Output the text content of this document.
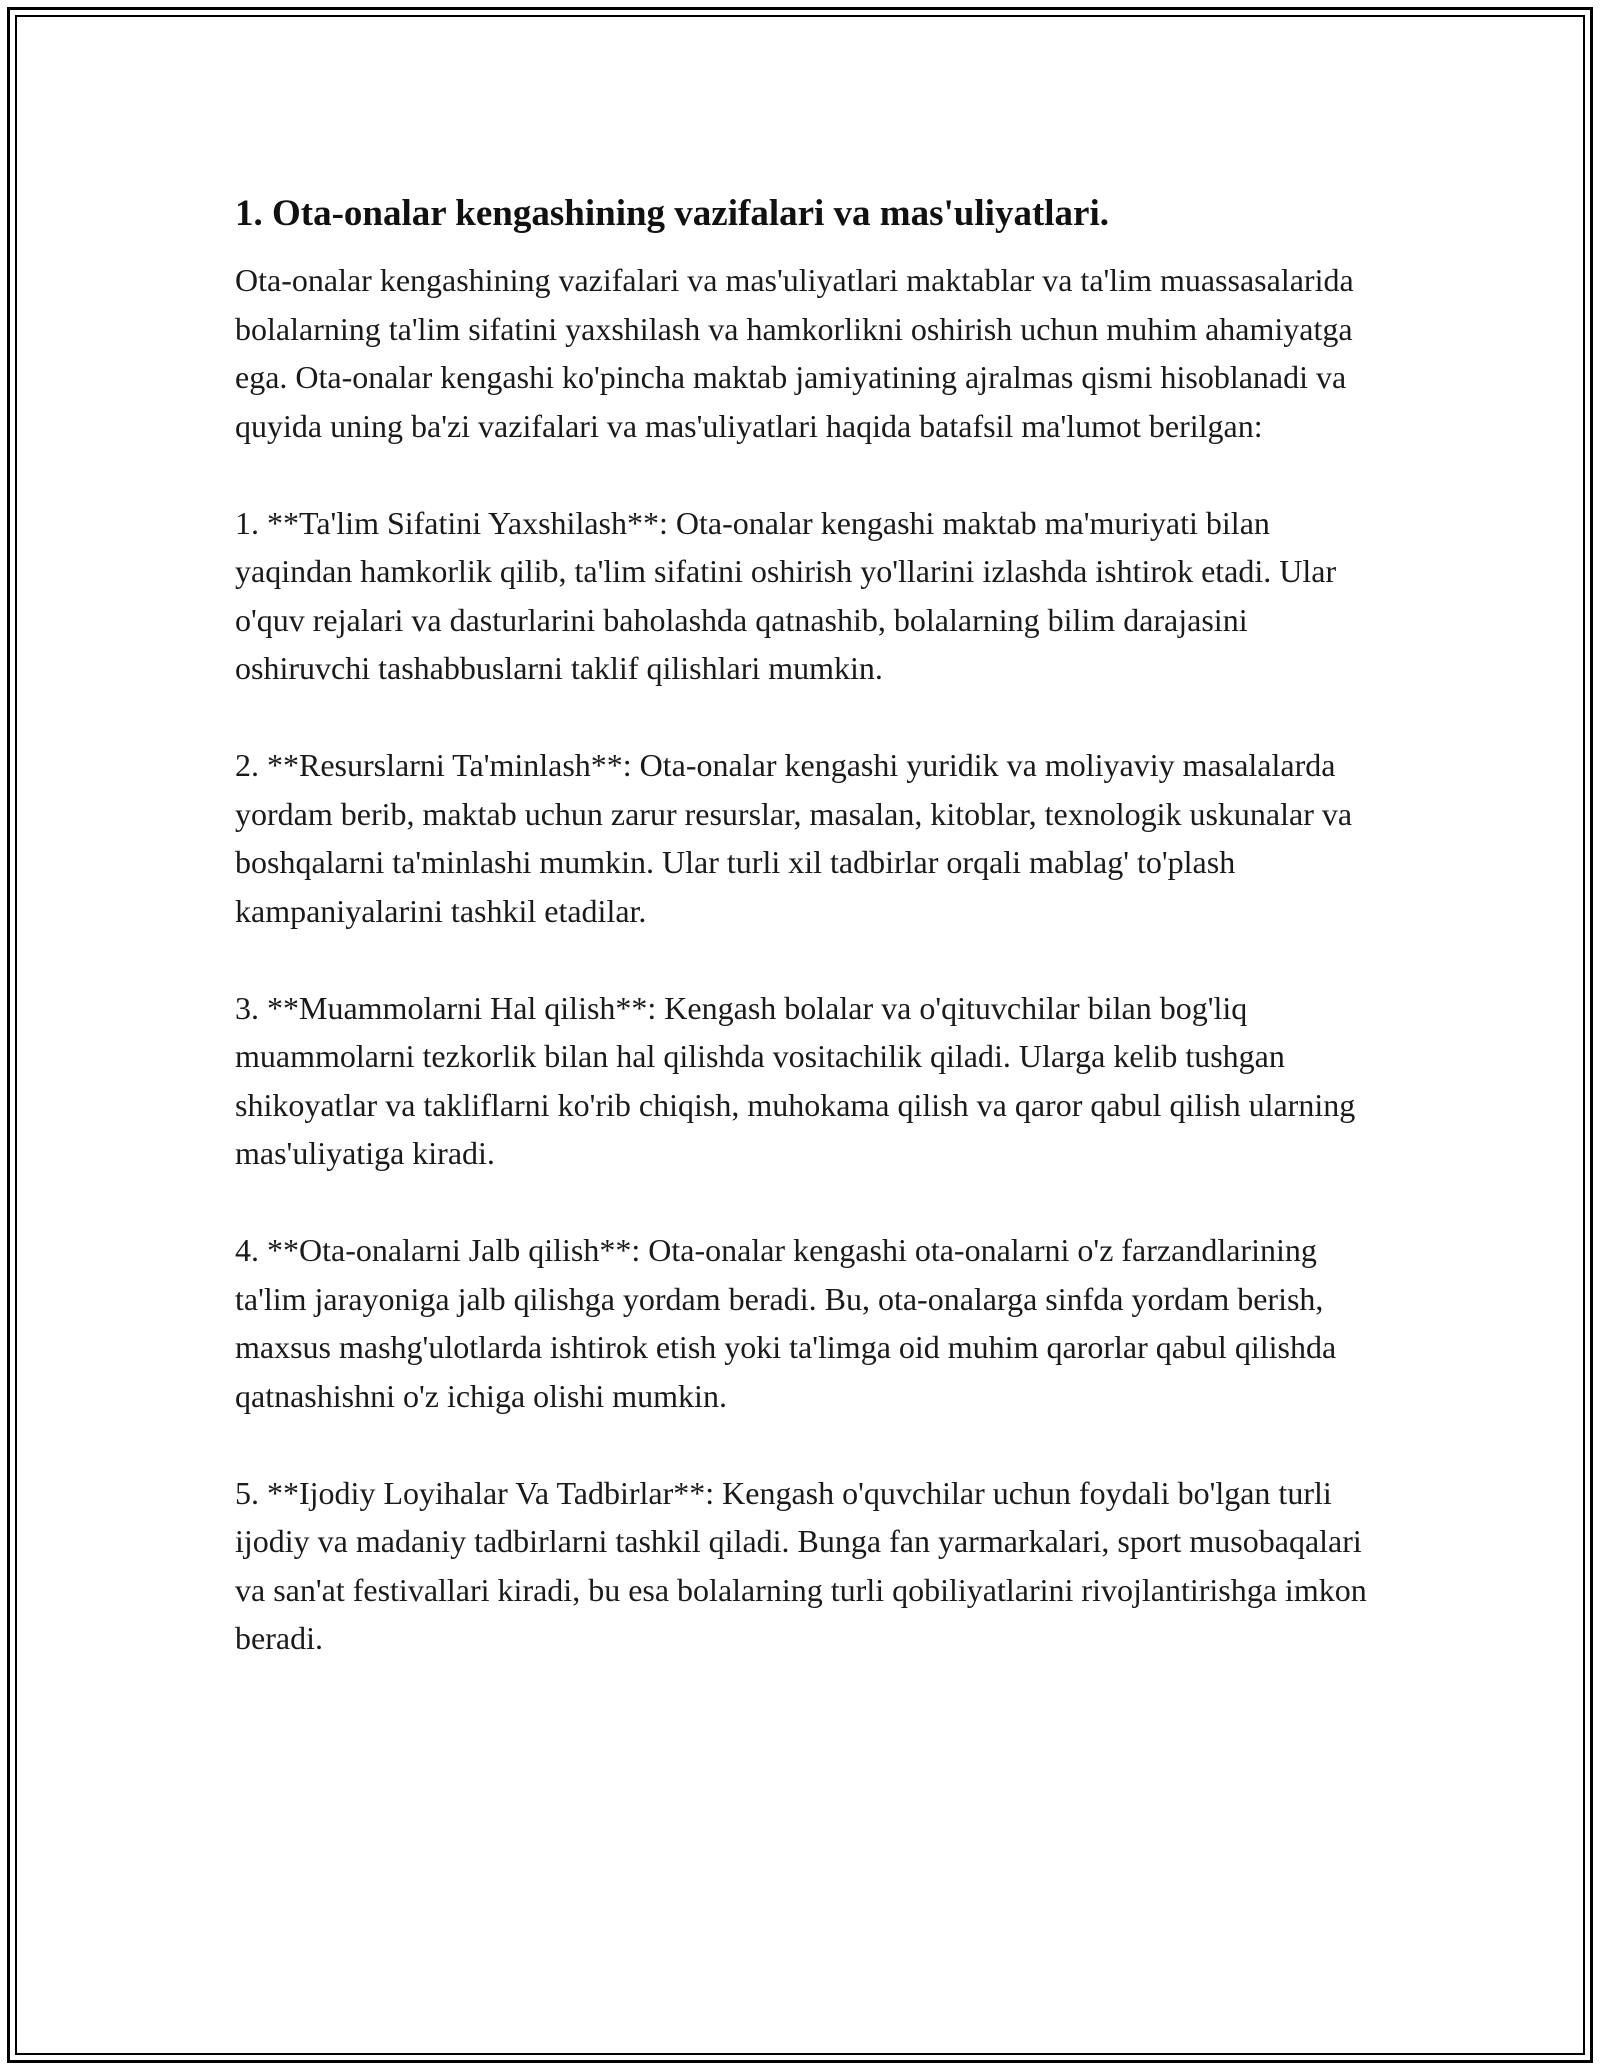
1. Ota-onalar kengashining vazifalari va mas'uliyatlari.

Ota-onalar kengashining vazifalari va mas'uliyatlari maktablar va ta'lim muassasalarida bolalarning ta'lim sifatini yaxshilash va hamkorlikni oshirish uchun muhim ahamiyatga ega. Ota-onalar kengashi ko'pincha maktab jamiyatining ajralmas qismi hisoblanadi va quyida uning ba'zi vazifalari va mas'uliyatlari haqida batafsil ma'lumot berilgan:

1. **Ta'lim Sifatini Yaxshilash**: Ota-onalar kengashi maktab ma'muriyati bilan yaqindan hamkorlik qilib, ta'lim sifatini oshirish yo'llarini izlashda ishtirok etadi. Ular o'quv rejalari va dasturlarini baholashda qatnashib, bolalarning bilim darajasini oshiruvchi tashabbuslarni taklif qilishlari mumkin.

2. **Resurslarni Ta'minlash**: Ota-onalar kengashi yuridik va moliyaviy masalalarda yordam berib, maktab uchun zarur resurslar, masalan, kitoblar, texnologik uskunalar va boshqalarni ta'minlashi mumkin. Ular turli xil tadbirlar orqali mablag' to'plash kampaniyalarini tashkil etadilar.

3. **Muammolarni Hal qilish**: Kengash bolalar va o'qituvchilar bilan bog'liq muammolarni tezkorlik bilan hal qilishda vositachilik qiladi. Ularga kelib tushgan shikoyatlar va takliflarni ko'rib chiqish, muhokama qilish va qaror qabul qilish ularning mas'uliyatiga kiradi.

4. **Ota-onalarni Jalb qilish**: Ota-onalar kengashi ota-onalarni o'z farzandlarining ta'lim jarayoniga jalb qilishga yordam beradi. Bu, ota-onalarga sinfda yordam berish, maxsus mashg'ulotlarda ishtirok etish yoki ta'limga oid muhim qarorlar qabul qilishda qatnashishni o'z ichiga olishi mumkin.

5. **Ijodiy Loyihalar Va Tadbirlar**: Kengash o'quvchilar uchun foydali bo'lgan turli ijodiy va madaniy tadbirlarni tashkil qiladi. Bunga fan yarmarkalari, sport musobaqalari va san'at festivallari kiradi, bu esa bolalarning turli qobiliyatlarini rivojlantirishga imkon beradi.
